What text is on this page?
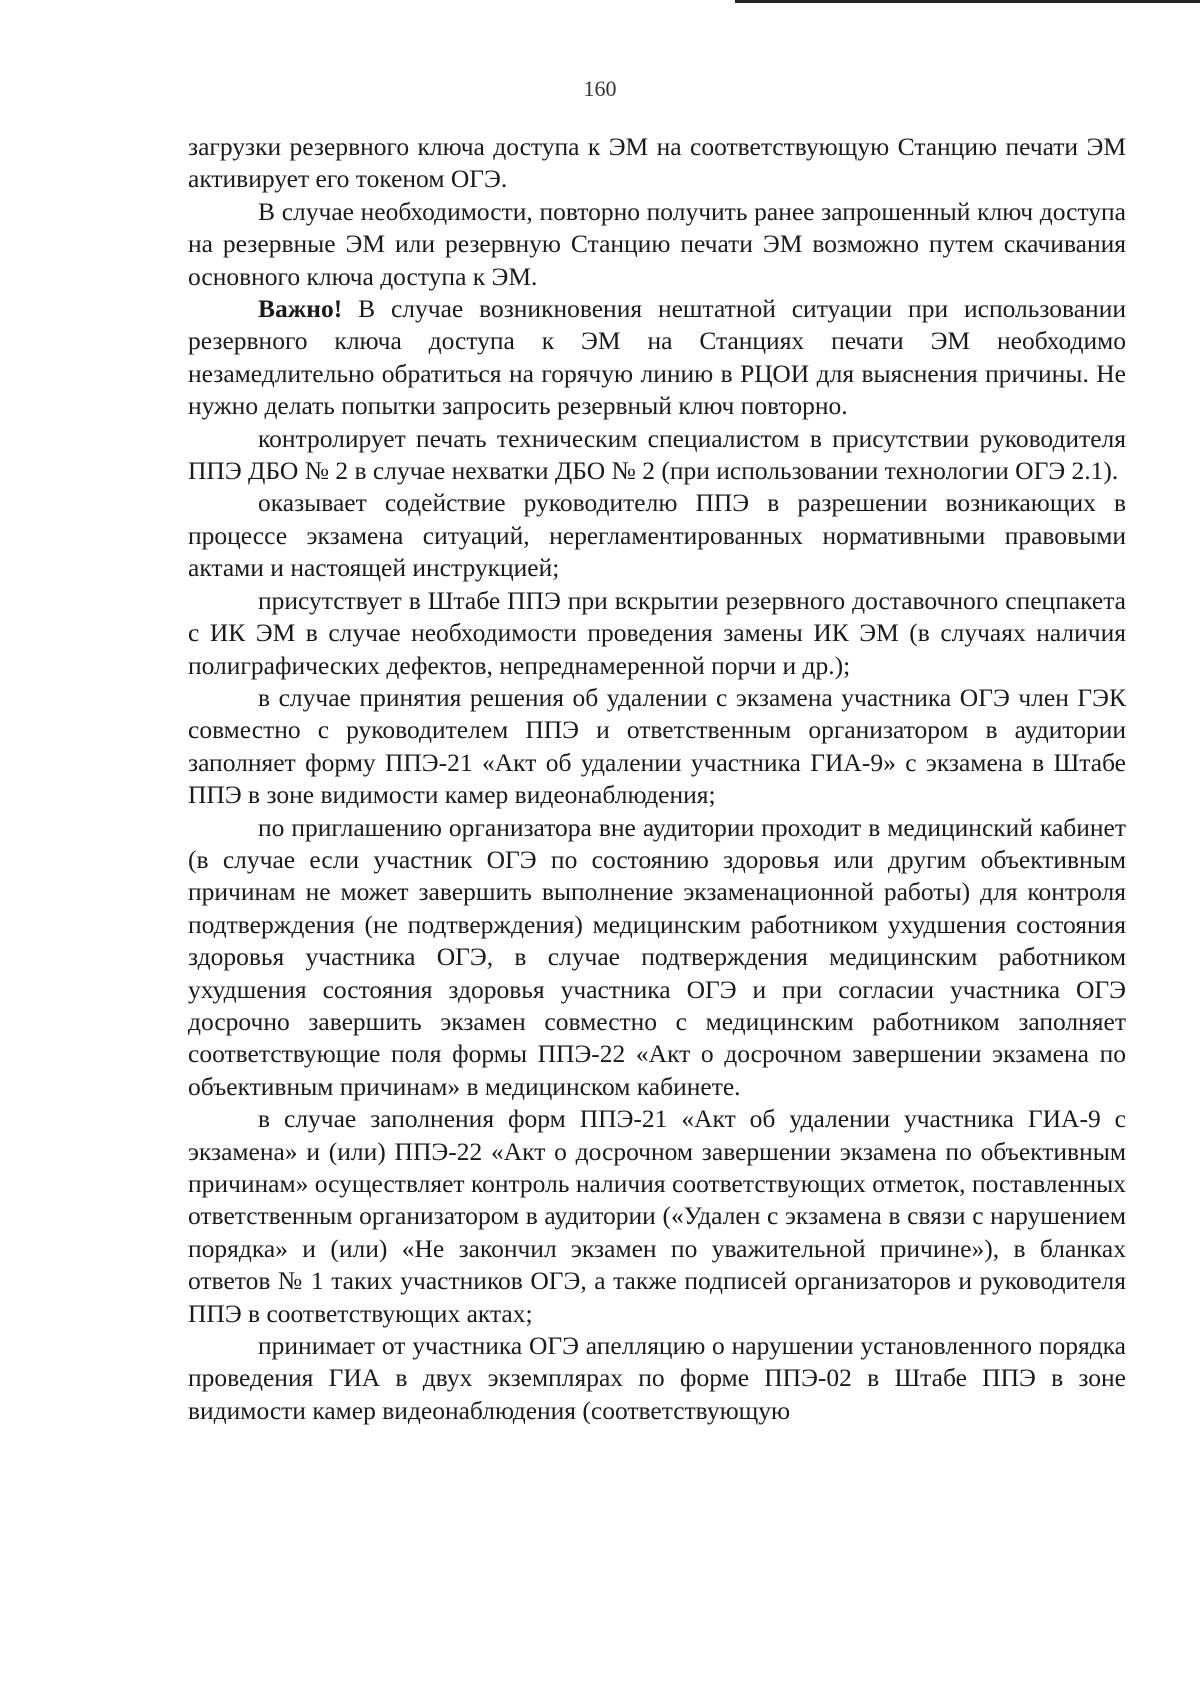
160

загрузки резервного ключа доступа к ЭМ на соответствующую Станцию печати ЭМ активирует его токеном ОГЭ.

В случае необходимости, повторно получить ранее запрошенный ключ доступа на резервные ЭМ или резервную Станцию печати ЭМ возможно путем скачивания основного ключа доступа к ЭМ.

Важно! В случае возникновения нештатной ситуации при использовании резервного ключа доступа к ЭМ на Станциях печати ЭМ необходимо незамедлительно обратиться на горячую линию в РЦОИ для выяснения причины. Не нужно делать попытки запросить резервный ключ повторно.

контролирует печать техническим специалистом в присутствии руководителя ППЭ ДБО № 2 в случае нехватки ДБО № 2 (при использовании технологии ОГЭ 2.1).

оказывает содействие руководителю ППЭ в разрешении возникающих в процессе экзамена ситуаций, нерегламентированных нормативными правовыми актами и настоящей инструкцией;

присутствует в Штабе ППЭ при вскрытии резервного доставочного спецпакета с ИК ЭМ в случае необходимости проведения замены ИК ЭМ (в случаях наличия полиграфических дефектов, непреднамеренной порчи и др.);

в случае принятия решения об удалении с экзамена участника ОГЭ член ГЭК совместно с руководителем ППЭ и ответственным организатором в аудитории заполняет форму ППЭ-21 «Акт об удалении участника ГИА-9» с экзамена в Штабе ППЭ в зоне видимости камер видеонаблюдения;

по приглашению организатора вне аудитории проходит в медицинский кабинет (в случае если участник ОГЭ по состоянию здоровья или другим объективным причинам не может завершить выполнение экзаменационной работы) для контроля подтверждения (не подтверждения) медицинским работником ухудшения состояния здоровья участника ОГЭ, в случае подтверждения медицинским работником ухудшения состояния здоровья участника ОГЭ и при согласии участника ОГЭ досрочно завершить экзамен совместно с медицинским работником заполняет соответствующие поля формы ППЭ-22 «Акт о досрочном завершении экзамена по объективным причинам» в медицинском кабинете.

в случае заполнения форм ППЭ-21 «Акт об удалении участника ГИА-9 с экзамена» и (или) ППЭ-22 «Акт о досрочном завершении экзамена по объективным причинам» осуществляет контроль наличия соответствующих отметок, поставленных ответственным организатором в аудитории («Удален с экзамена в связи с нарушением порядка» и (или) «Не закончил экзамен по уважительной причине»), в бланках ответов № 1 таких участников ОГЭ, а также подписей организаторов и руководителя ППЭ в соответствующих актах;

принимает от участника ОГЭ апелляцию о нарушении установленного порядка проведения ГИА в двух экземплярах по форме ППЭ-02 в Штабе ППЭ в зоне видимости камер видеонаблюдения (соответствующую
